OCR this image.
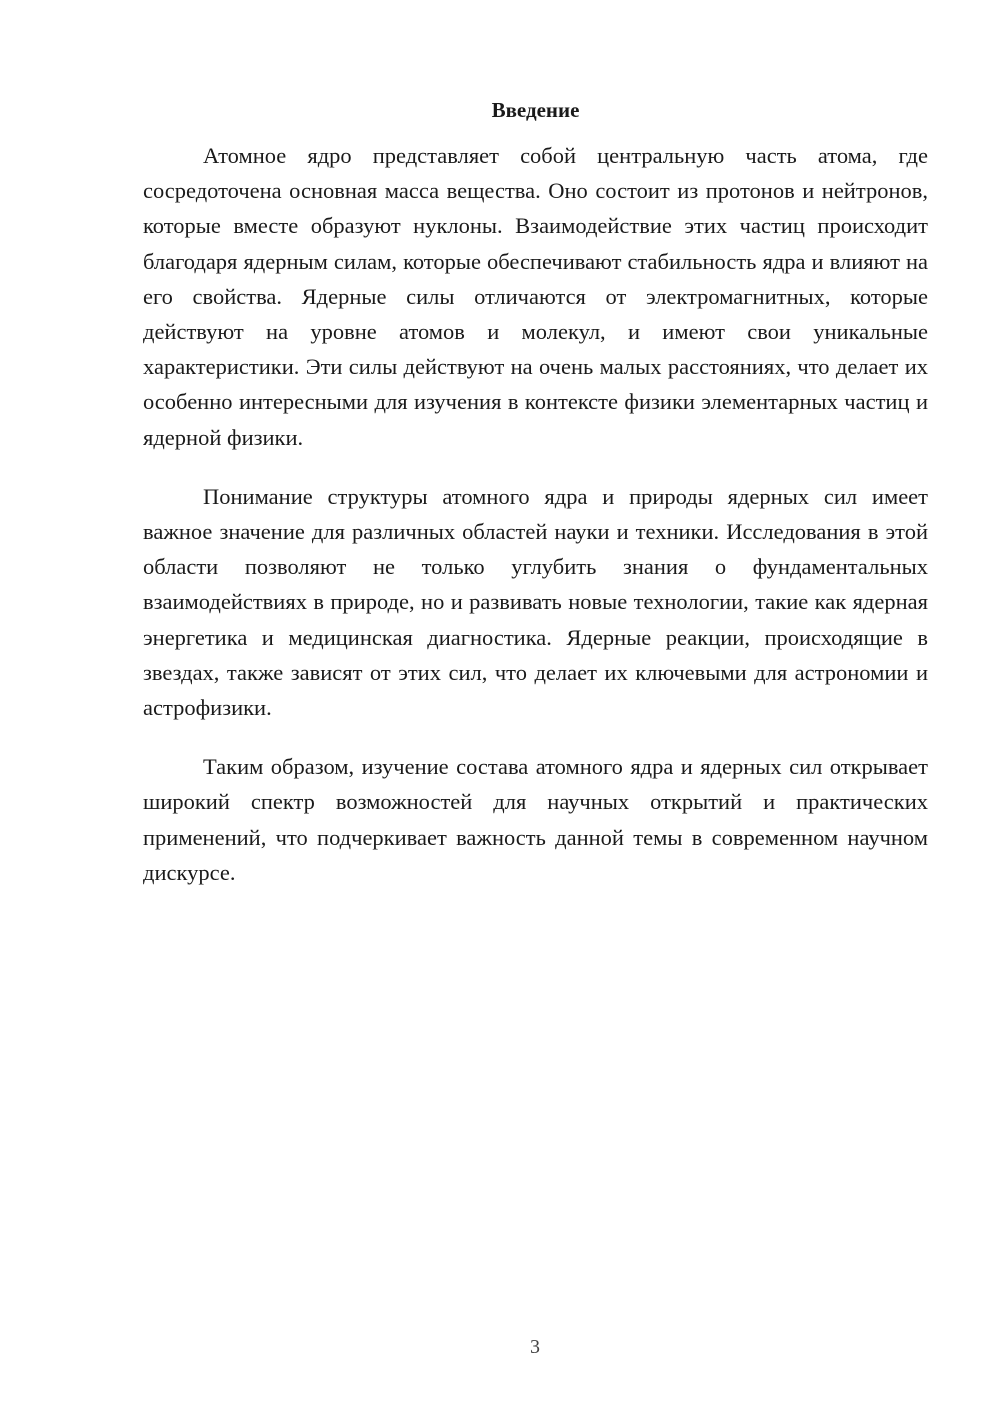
Введение

Атомное ядро представляет собой центральную часть атома, где сосредоточена основная масса вещества. Оно состоит из протонов и нейтронов, которые вместе образуют нуклоны. Взаимодействие этих частиц происходит благодаря ядерным силам, которые обеспечивают стабильность ядра и влияют на его свойства. Ядерные силы отличаются от электромагнитных, которые действуют на уровне атомов и молекул, и имеют свои уникальные характеристики. Эти силы действуют на очень малых расстояниях, что делает их особенно интересными для изучения в контексте физики элементарных частиц и ядерной физики.

Понимание структуры атомного ядра и природы ядерных сил имеет важное значение для различных областей науки и техники. Исследования в этой области позволяют не только углубить знания о фундаментальных взаимодействиях в природе, но и развивать новые технологии, такие как ядерная энергетика и медицинская диагностика. Ядерные реакции, происходящие в звездах, также зависят от этих сил, что делает их ключевыми для астрономии и астрофизики.

Таким образом, изучение состава атомного ядра и ядерных сил открывает широкий спектр возможностей для научных открытий и практических применений, что подчеркивает важность данной темы в современном научном дискурсе.

3
